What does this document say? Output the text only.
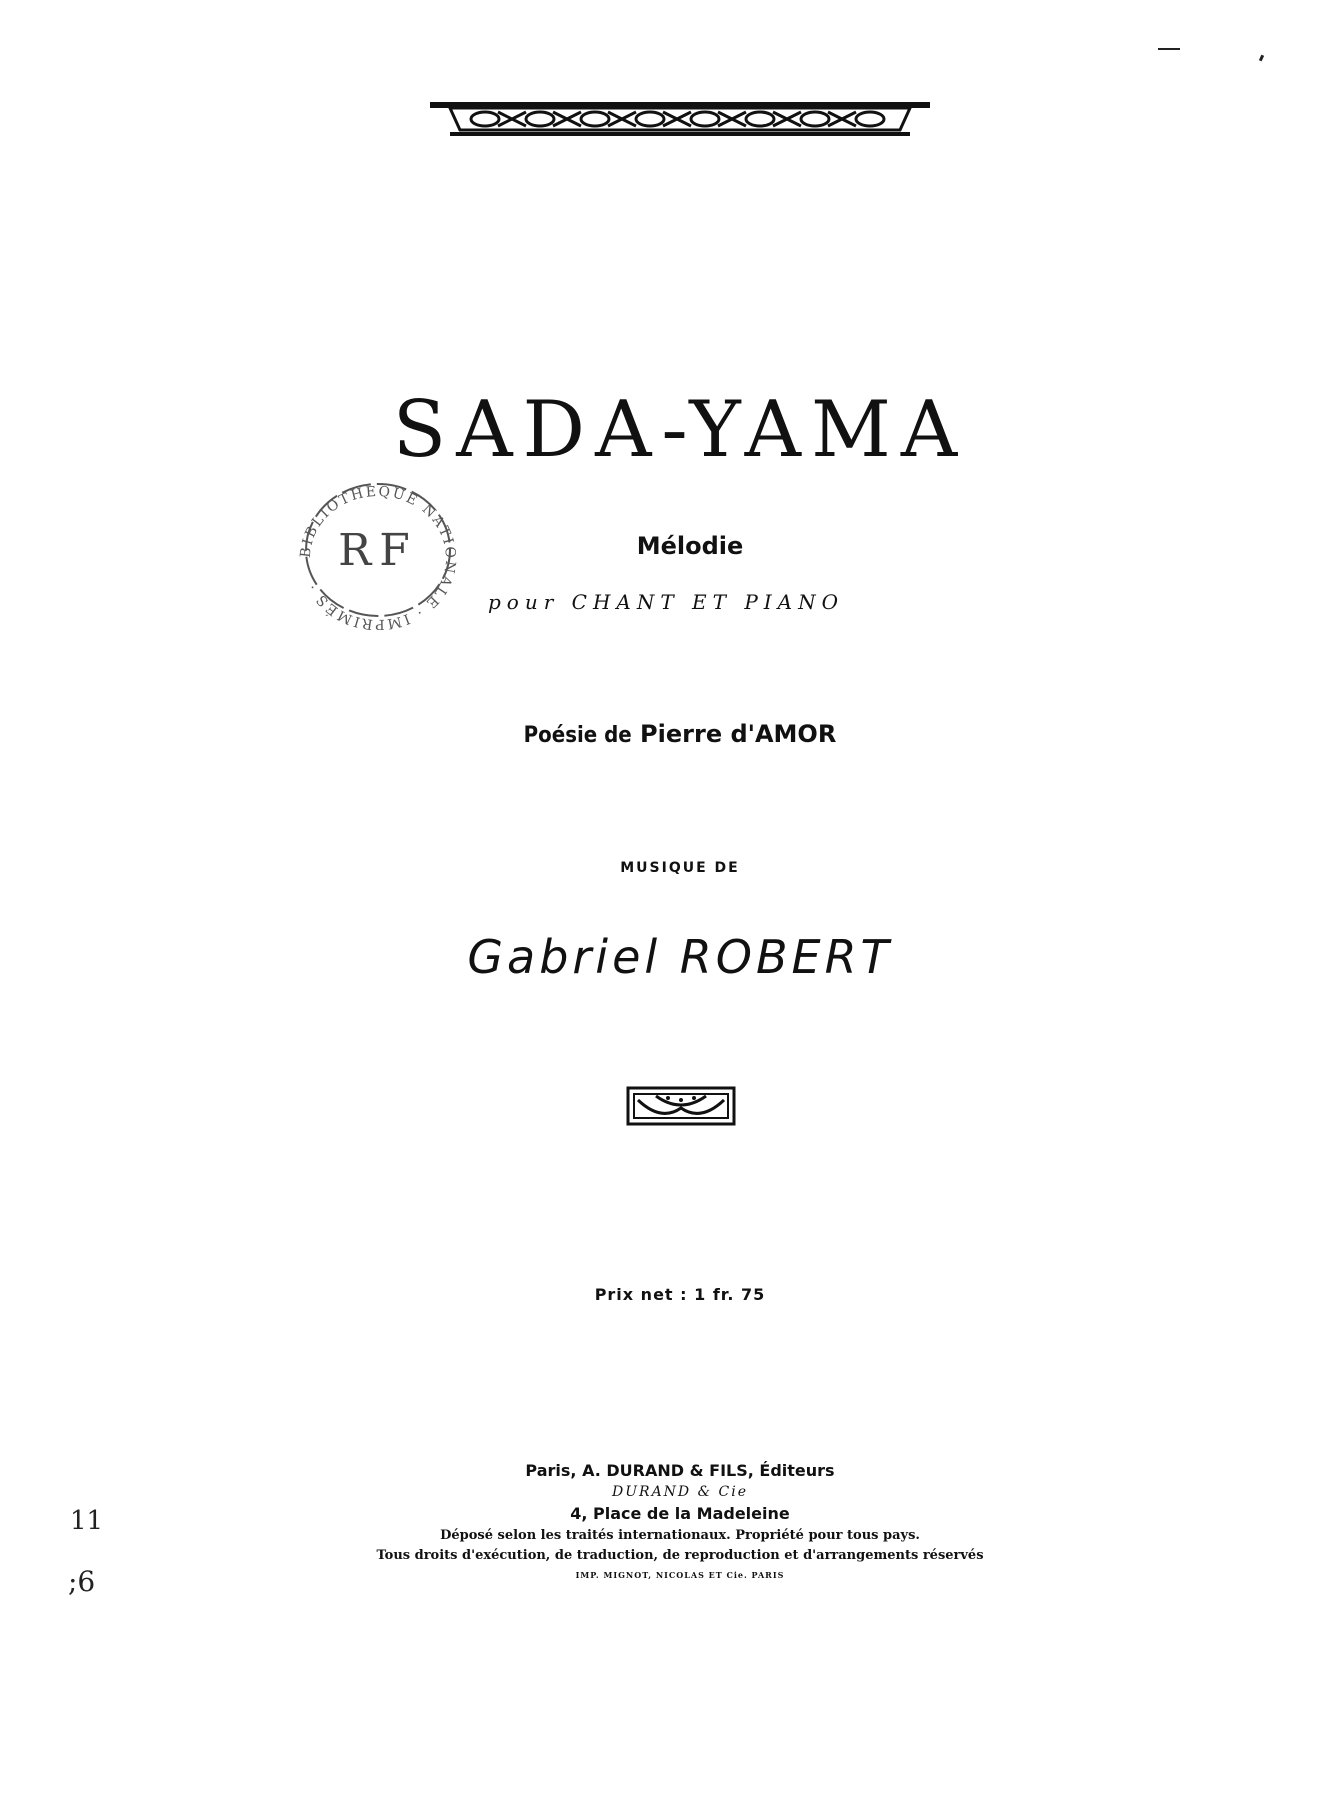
SADA-YAMA
Mélodie
pour CHANT ET PIANO
Poésie de Pierre d'AMOR
MUSIQUE DE
Gabriel ROBERT
Prix net : 1 fr. 75
Paris, A. DURAND & FILS, Éditeurs
DURAND & Cie
4, Place de la Madeleine
Déposé selon les traités internationaux. Propriété pour tous pays.
Tous droits d'exécution, de traduction, de reproduction et d'arrangements réservés
IMP. MIGNOT, NICOLAS ET Cie. PARIS
BIBLIOTHÈQUE NATIONALE · IMPRIMÉS ·
RF
11
;6
